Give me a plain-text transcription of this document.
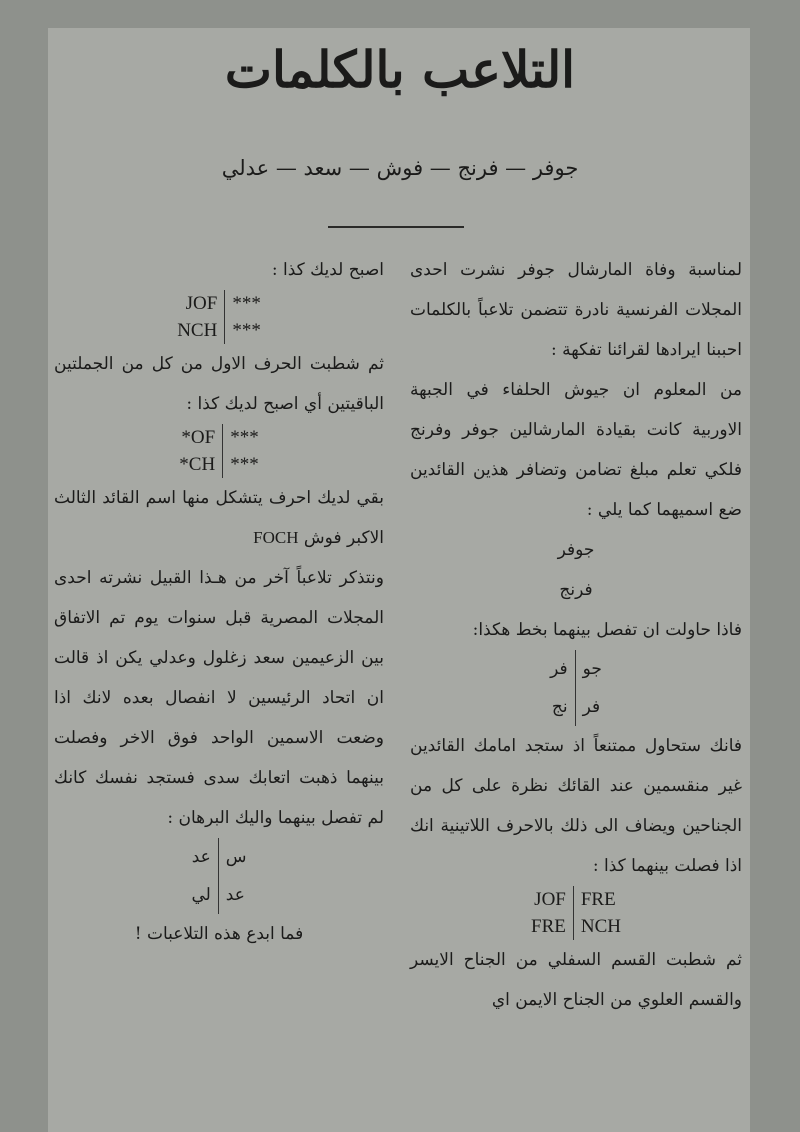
التلاعب بالكلمات
جوفر — فرنج — فوش — سعد — عدلي

لمناسبة وفاة المارشال جوفر نشرت احدى المجلات الفرنسية نادرة تتضمن تلاعباً بالكلمات احببنا ايرادها لقرائنا تفكهة :

من المعلوم ان جيوش الحلفاء في الجبهة الاوربية كانت بقيادة المارشالين جوفر وفرنج فلكي تعلم مبلغ تضامن وتضافر هذين القائدين ضع اسميهما كما يلي :

جوفر

فرنج

فاذا حاولت ان تفصل بينهما بخط هكذا:

فر
نج
جو
فر

فانك ستحاول ممتنعاً اذ ستجد امامك القائدين غير منقسمين عند القائك نظرة على كل من الجناحين ويضاف الى ذلك بالاحرف اللاتينية انك اذا فصلت بينهما كذا :

JOF
FRE
FRE
NCH

ثم شطبت القسم السفلي من الجناح الايسر والقسم العلوي من الجناح الايمن اي

اصبح لديك كذا :

JOF
NCH
***
***

ثم شطبت الحرف الاول من كل من الجملتين الباقيتين أي اصبح لديك كذا :

*OF
*CH
***
***

بقي لديك احرف يتشكل منها اسم القائد الثالث الاكبر فوش FOCH

ونتذكر تلاعباً آخر من هـذا القبيل نشرته احدى المجلات المصرية قبل سنوات يوم تم الاتفاق بين الزعيمين سعد زغلول وعدلي يكن اذ قالت ان اتحاد الرئيسين لا انفصال بعده لانك اذا وضعت الاسمين الواحد فوق الاخر وفصلت بينهما ذهبت اتعابك سدى فستجد نفسك كانك لم تفصل بينهما واليك البرهان :

عد
لي
س
عد

فما ابدع هذه التلاعبات !
